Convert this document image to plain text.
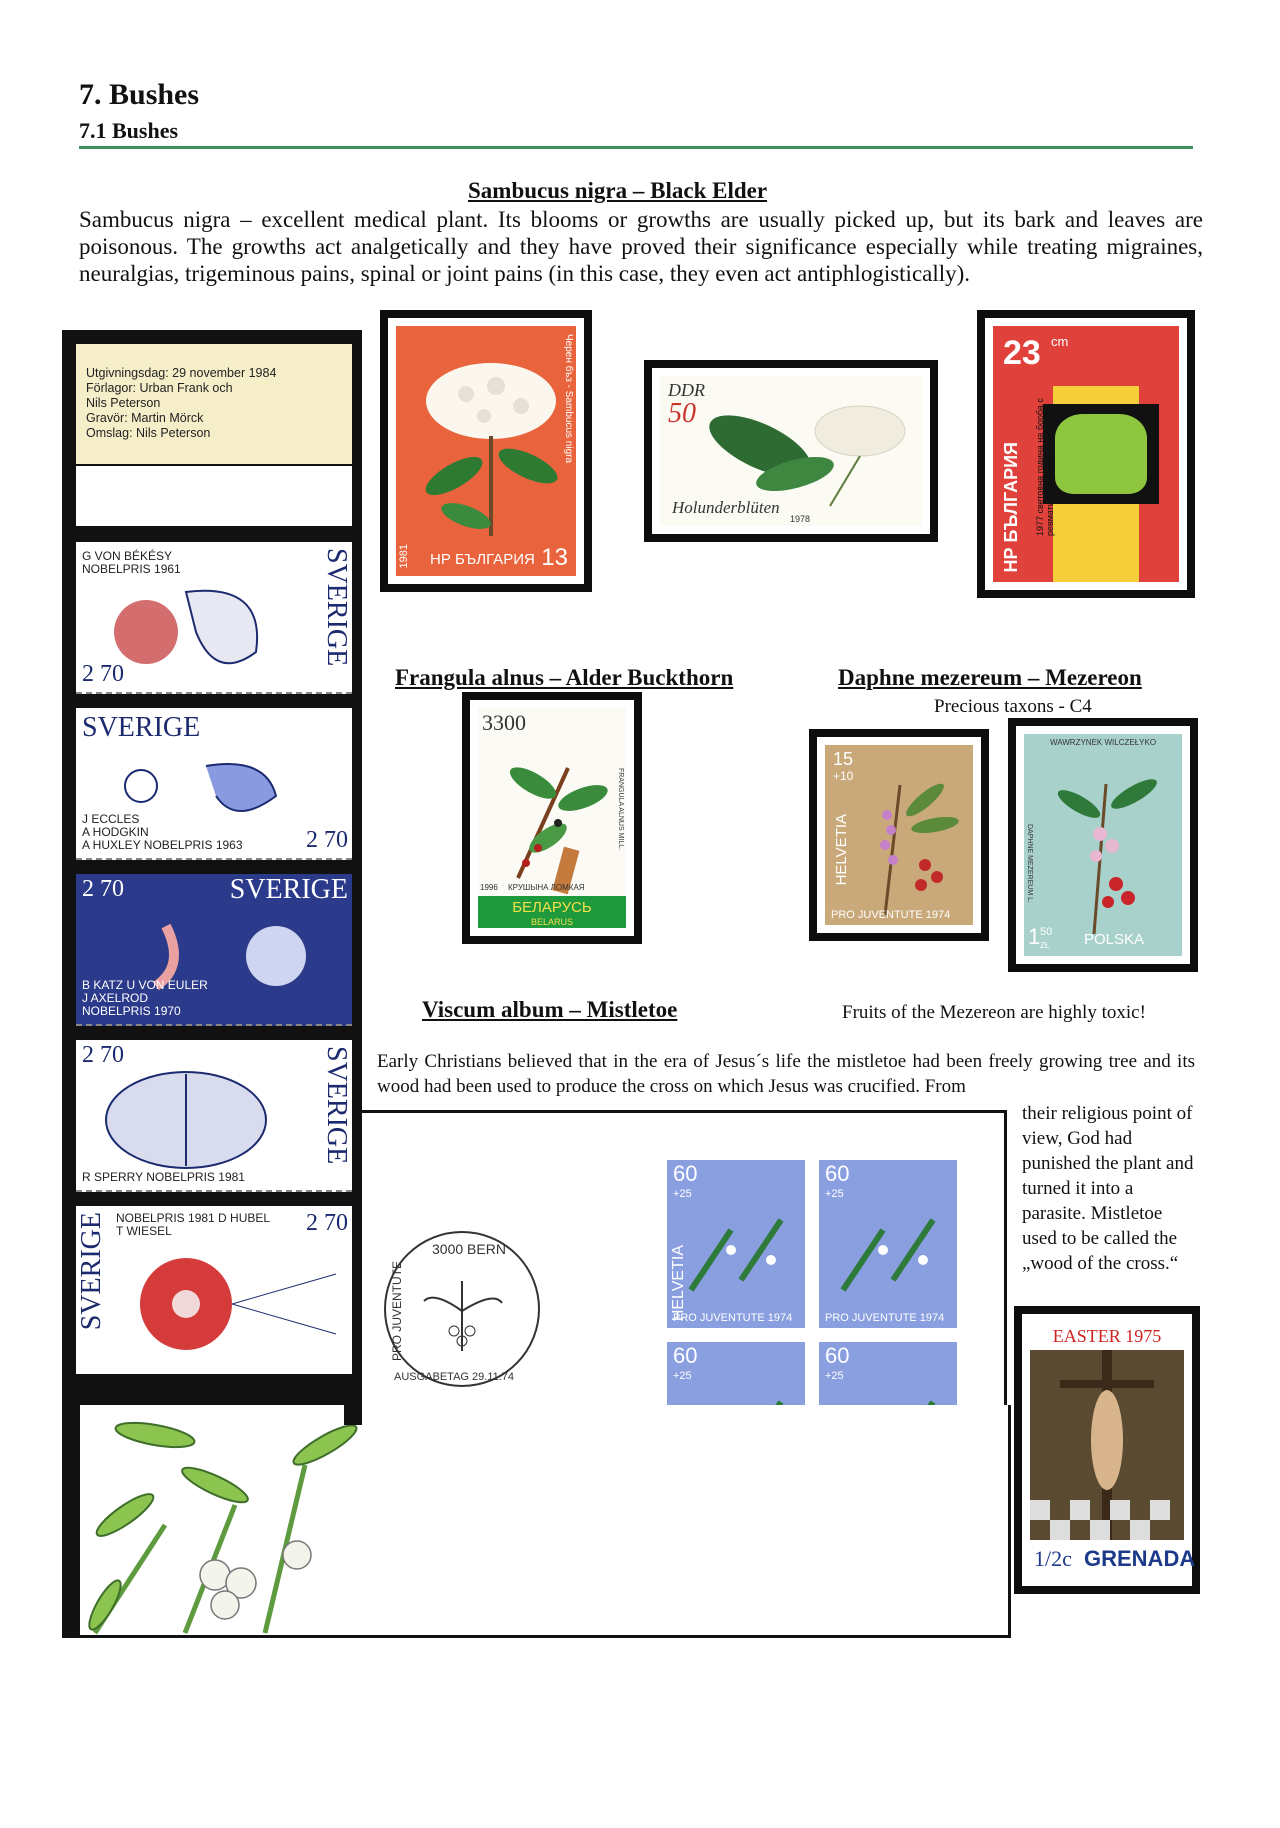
7. Bushes
7.1 Bushes
Sambucus nigra – Black Elder
Sambucus nigra – excellent medical plant. Its blooms or growths are usually picked up, but its bark and leaves are poisonous. The growths act analgetically and they have proved their significance especially while treating migraines, neuralgias, trigeminous pains, spinal or joint pains (in this case, they even act antiphlogistically).
НР БЪЛГАРИЯ 13
1981
Черен бъз - Sambucus nigra	DDR
50
Holunderblüten
1978
23 cm
НР БЪЛГАРИЯ 1977 световна година на борба с ревматичните болести
Frangula alnus – Alder Buckthorn
3300
1996 КРУШЫНА ЛОМКАЯ
БЕЛАРУСЬ
BELARUS
FRANGULA ALNUS MILL.
Daphne mezereum – Mezereon
Precious taxons - C4
15
+10
HELVETIA
PRO JUVENTUTE 1974
WAWRZYNEK WILCZEŁYKO
1 50
ZŁ POLSKA
DAPHNE MEZEREUM L.
Fruits of the Mezereon are highly toxic!
Viscum album – Mistletoe
Early Christians believed that in the era of Jesus´s life the mistletoe had been freely growing tree and its wood had been used to produce the cross on which Jesus was crucified. From
their religious point of view, God had punished the plant and turned it into a parasite. Mistletoe used to be called the „wood of the cross.“
Utgivningsdag: 29 november 1984
Förlagor: Urban Frank och
Nils Peterson
Gravör: Martin Mörck
Omslag: Nils Peterson
G VON BÉKÉSY
NOBELPRIS 1961
2 70
SVERIGE
SVERIGE
J ECCLES
A HODGKIN
A HUXLEY NOBELPRIS 1963	2 70
2 70	SVERIGE
B KATZ U VON EULER
J AXELROD
NOBELPRIS 1970
2 70	SVERIGE
R SPERRY NOBELPRIS 1981
SVERIGE NOBELPRIS 1981 D HUBEL
T WIESEL	2 70
3000 BERN
PRO JUVENTUTE
AUSGABETAG 29.11.74
60
+25
PRO JUVENTUTE 1974
60
+25
PRO JUVENTUTE 1974
60
+25
60
+25
HELVETIA
EASTER 1975
1/2c GRENADA
